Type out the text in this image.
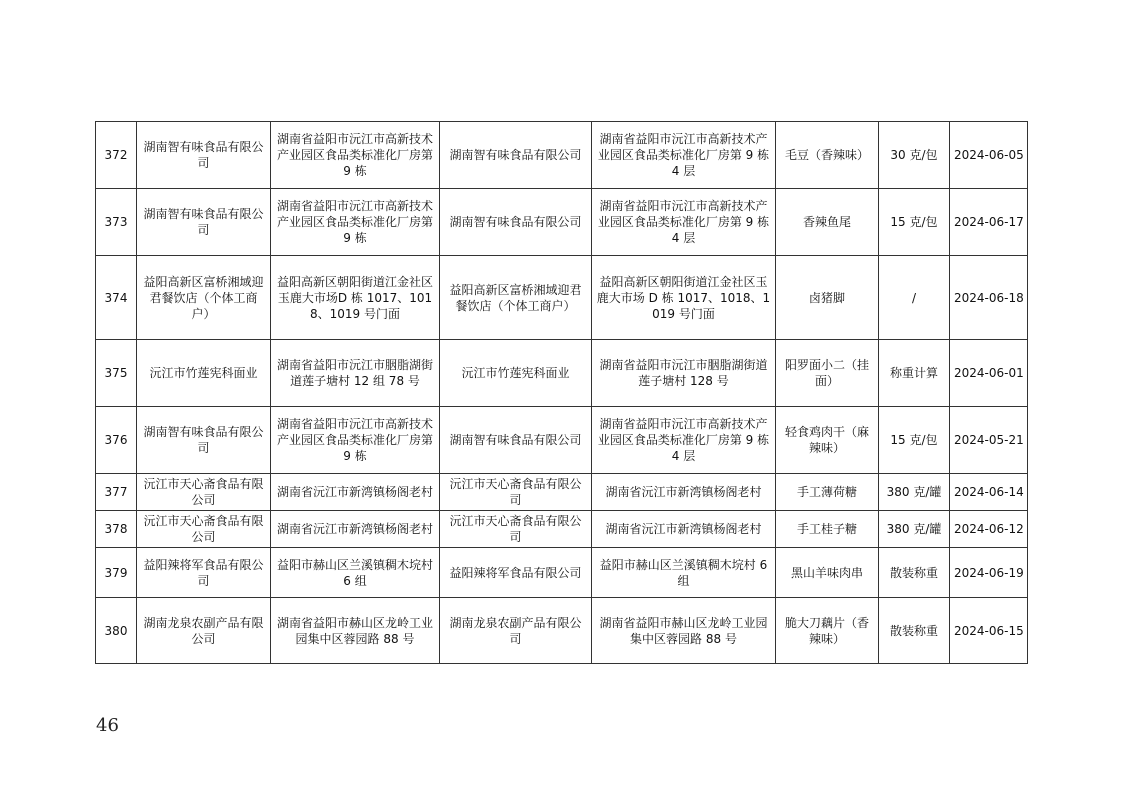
372	湖南智有味食品有限公司	湖南省益阳市沅江市高新技术产业园区食品类标准化厂房第 9 栋	湖南智有味食品有限公司	湖南省益阳市沅江市高新技术产业园区食品类标准化厂房第 9 栋 4 层	毛豆（香辣味）	30 克/包	2024-06-05
373	湖南智有味食品有限公司	湖南省益阳市沅江市高新技术产业园区食品类标准化厂房第 9 栋	湖南智有味食品有限公司	湖南省益阳市沅江市高新技术产业园区食品类标准化厂房第 9 栋 4 层	香辣鱼尾	15 克/包	2024-06-17
374	益阳高新区富桥湘域迎君餐饮店（个体工商户）	益阳高新区朝阳街道江金社区玉鹿大市场D 栋 1017、1018、1019 号门面	益阳高新区富桥湘域迎君餐饮店（个体工商户）	益阳高新区朝阳街道江金社区玉鹿大市场 D 栋 1017、1018、1019 号门面	卤猪脚	/	2024-06-18
375	沅江市竹莲宪科面业	湖南省益阳市沅江市胭脂湖街道莲子塘村 12 组 78 号	沅江市竹莲宪科面业	湖南省益阳市沅江市胭脂湖街道莲子塘村 128 号	阳罗面小二（挂面）	称重计算	2024-06-01
376	湖南智有味食品有限公司	湖南省益阳市沅江市高新技术产业园区食品类标准化厂房第 9 栋	湖南智有味食品有限公司	湖南省益阳市沅江市高新技术产业园区食品类标准化厂房第 9 栋 4 层	轻食鸡肉干（麻辣味）	15 克/包	2024-05-21
377	沅江市天心斋食品有限公司	湖南省沅江市新湾镇杨阁老村	沅江市天心斋食品有限公司	湖南省沅江市新湾镇杨阁老村	手工薄荷糖	380 克/罐	2024-06-14
378	沅江市天心斋食品有限公司	湖南省沅江市新湾镇杨阁老村	沅江市天心斋食品有限公司	湖南省沅江市新湾镇杨阁老村	手工桂子糖	380 克/罐	2024-06-12
379	益阳辣将军食品有限公司	益阳市赫山区兰溪镇稠木垸村 6 组	益阳辣将军食品有限公司	益阳市赫山区兰溪镇稠木垸村 6 组	黑山羊味肉串	散装称重	2024-06-19
380	湖南龙泉农副产品有限公司	湖南省益阳市赫山区龙岭工业园集中区蓉园路 88 号	湖南龙泉农副产品有限公司	湖南省益阳市赫山区龙岭工业园集中区蓉园路 88 号	脆大刀藕片（香辣味）	散装称重	2024-06-15
46
